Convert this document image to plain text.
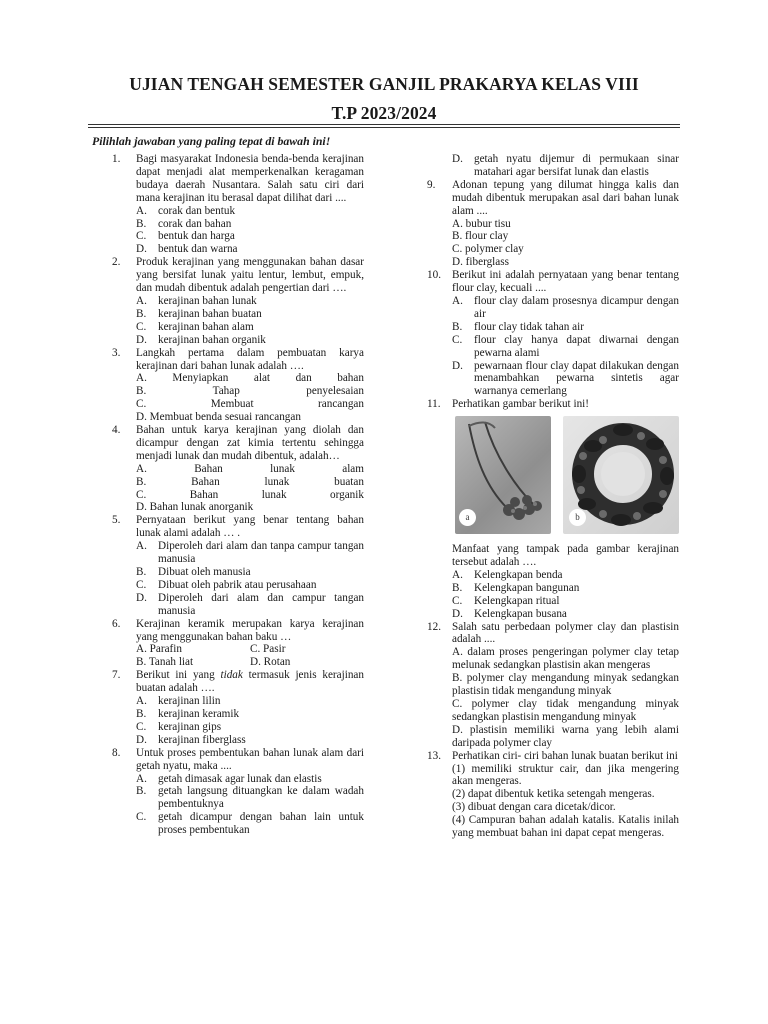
UJIAN TENGAH SEMESTER GANJIL PRAKARYA KELAS VIII
T.P 2023/2024
Pilihlah jawaban yang paling tepat di bawah ini!
1. Bagi masyarakat Indonesia benda-benda kerajinan dapat menjadi alat memperkenalkan keragaman budaya daerah Nusantara. Salah satu ciri dari mana kerajinan itu berasal dapat dilihat dari ....
A. corak dan bentuk
B. corak dan bahan
C. bentuk dan harga
D. bentuk dan warna
2. Produk kerajinan yang menggunakan bahan dasar yang bersifat lunak yaitu lentur, lembut, empuk, dan mudah dibentuk adalah pengertian dari ….
A. kerajinan bahan lunak
B. kerajinan bahan buatan
C. kerajinan bahan alam
D. kerajinan bahan organik
3. Langkah pertama dalam pembuatan karya kerajinan dari bahan lunak adalah ….
A. Menyiapkan alat dan bahan
B.	Tahap	penyelesaian
C.	Membuat	rancangan
D. Membuat benda sesuai rancangan
4. Bahan untuk karya kerajinan yang diolah dan dicampur dengan zat kimia tertentu sehingga menjadi lunak dan mudah dibentuk, adalah…
A.	Bahan	lunak	alam
B.	Bahan	lunak	buatan
C.	Bahan	lunak	organik
D. Bahan lunak anorganik
5. Pernyataan berikut yang benar tentang bahan lunak alami adalah … .
A. Diperoleh dari alam dan tanpa campur tangan manusia
B. Dibuat oleh manusia
C. Dibuat oleh pabrik atau perusahaan
D. Diperoleh dari alam dan campur tangan manusia
6. Kerajinan keramik merupakan karya kerajinan yang menggunakan bahan baku …
A. Parafin	C. Pasir
B. Tanah liat	D. Rotan
7. Berikut ini yang tidak termasuk jenis kerajinan buatan adalah ….
A. kerajinan lilin
B. kerajinan keramik
C. kerajinan gips
D. kerajinan fiberglass
8. Untuk proses pembentukan bahan lunak alam dari getah nyatu, maka ....
A. getah dimasak agar lunak dan elastis
B. getah langsung dituangkan ke dalam wadah pembentuknya
C. getah dicampur dengan bahan lain untuk proses pembentukan
D. getah nyatu dijemur di permukaan sinar matahari agar bersifat lunak dan elastis
9. Adonan tepung yang dilumat hingga kalis dan mudah dibentuk merupakan asal dari bahan lunak alam ....
A. bubur tisu
B. flour clay
C. polymer clay
D. fiberglass
10. Berikut ini adalah pernyataan yang benar tentang flour clay, kecuali ....
A. flour clay dalam prosesnya dicampur dengan air
B. flour clay tidak tahan air
C. flour clay hanya dapat diwarnai dengan pewarna alami
D. pewarnaan flour clay dapat dilakukan dengan menambahkan pewarna sintetis agar warnanya cemerlang
11. Perhatikan gambar berikut ini!
a	b
Manfaat yang tampak pada gambar kerajinan tersebut adalah ….
A. Kelengkapan benda
B. Kelengkapan bangunan
C. Kelengkapan ritual
D. Kelengkapan busana
12. Salah satu perbedaan polymer clay dan plastisin adalah ....
A. dalam proses pengeringan polymer clay tetap melunak sedangkan plastisin akan mengeras
B. polymer clay mengandung minyak sedangkan plastisin tidak mengandung minyak
C. polymer clay tidak mengandung minyak sedangkan plastisin mengandung minyak
D. plastisin memiliki warna yang lebih alami daripada polymer clay
13. Perhatikan ciri- ciri bahan lunak buatan berikut ini
(1) memiliki struktur cair, dan jika mengering akan mengeras.
(2) dapat dibentuk ketika setengah mengeras.
(3) dibuat dengan cara dicetak/dicor.
(4) Campuran bahan adalah katalis. Katalis inilah yang membuat bahan ini dapat cepat mengeras.
